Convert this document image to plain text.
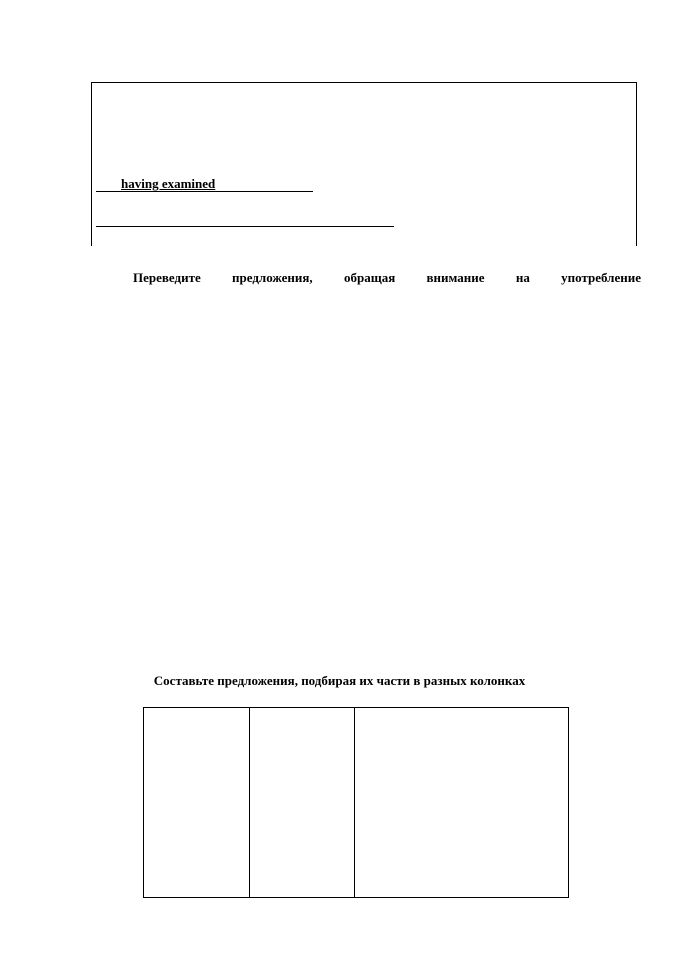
having examined
Переведите предложения, обращая внимание на употребление
Составьте предложения, подбирая их части в разных колонках
